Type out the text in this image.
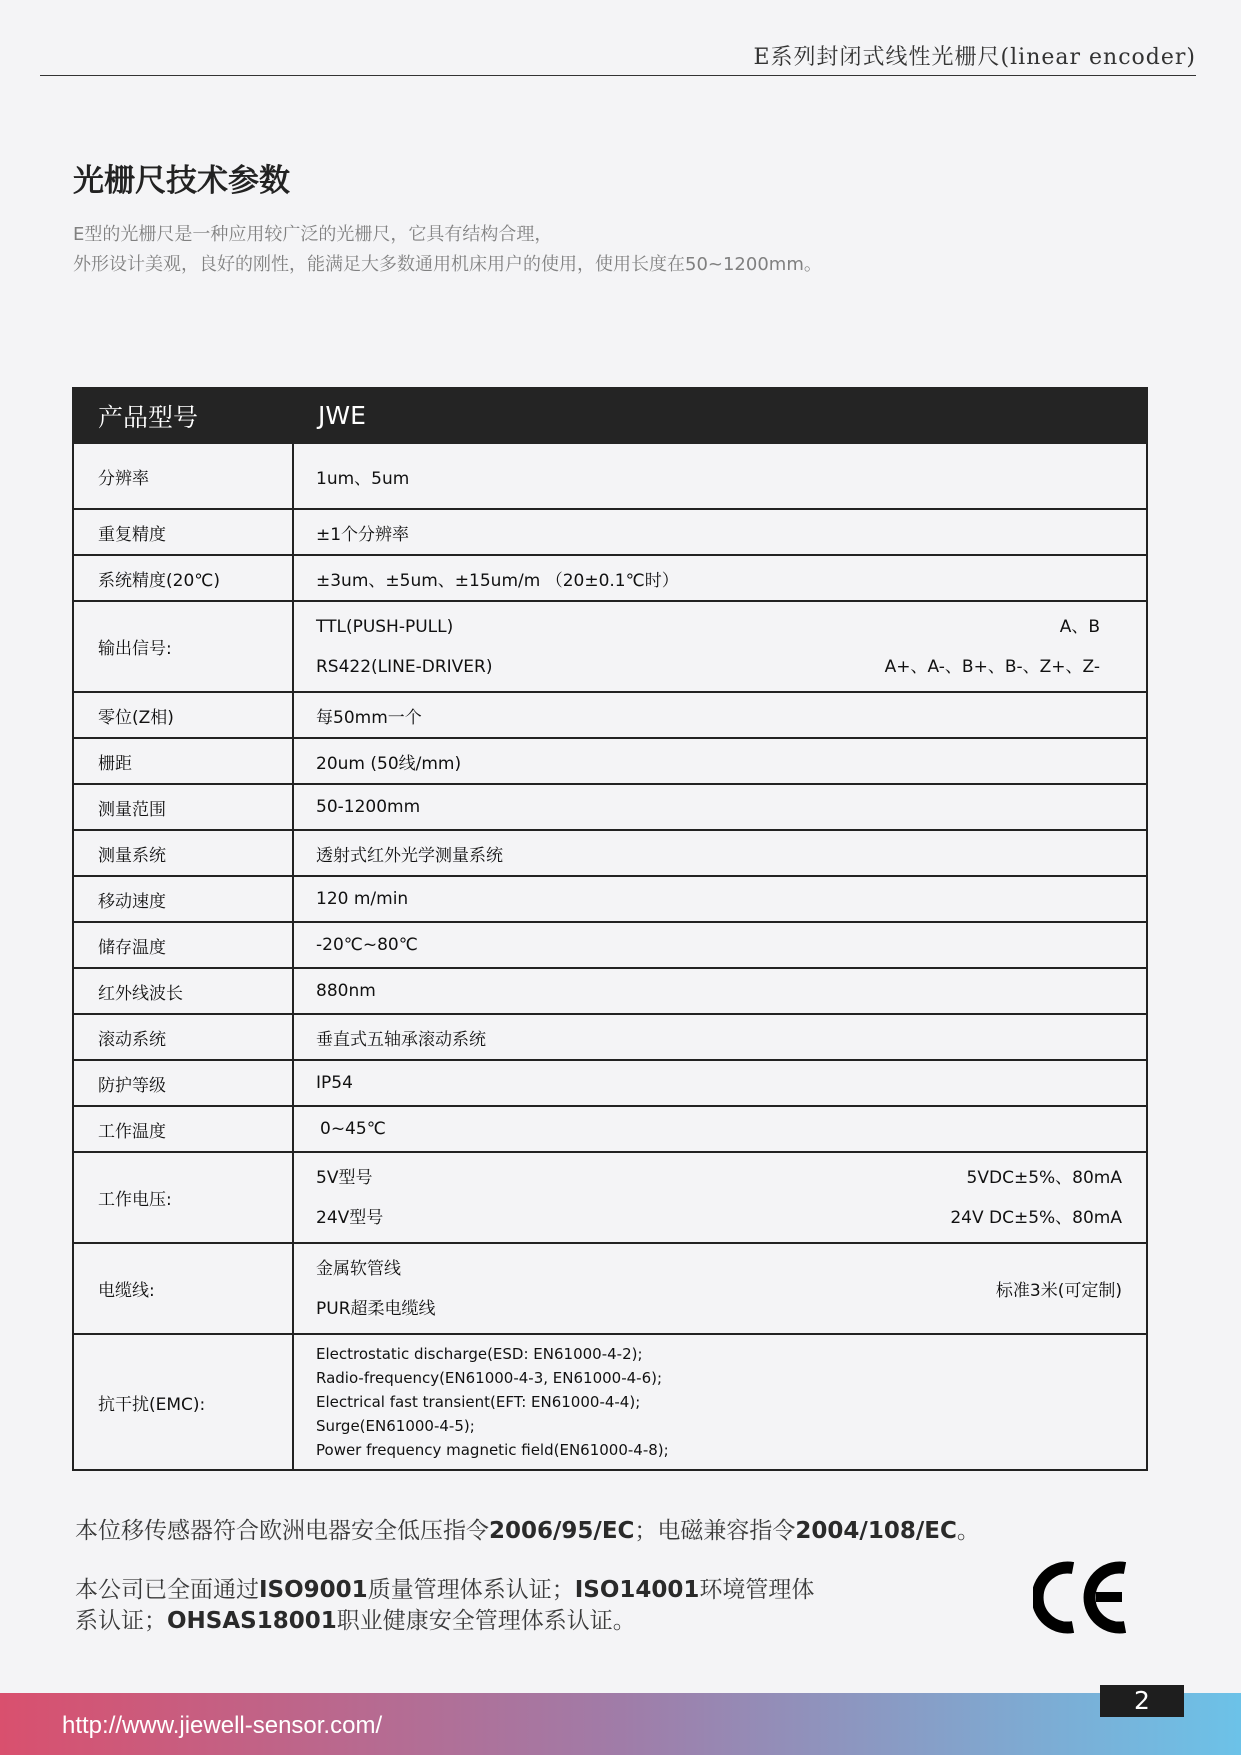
E系列封闭式线性光栅尺(linear encoder)
光栅尺技术参数
E型的光栅尺是一种应用较广泛的光栅尺，它具有结构合理，
外形设计美观，良好的刚性，能满足大多数通用机床用户的使用，使用长度在50~1200mm。
产品型号	JWE
分辨率	1um、5um
重复精度	±1个分辨率
系统精度(20℃)	±3um、±5um、±15um/m （20±0.1℃时）
输出信号:	TTL(PUSH-PULL) A、B
RS422(LINE-DRIVER) A+、A-、B+、B-、Z+、Z-

零位(Z相)	每50mm一个
栅距	20um (50线/mm)
测量范围	50-1200mm
测量系统	透射式红外光学测量系统
移动速度	120 m/min
储存温度	-20℃~80℃
红外线波长	880nm
滚动系统	垂直式五轴承滚动系统
防护等级	IP54
工作温度	0~45℃
工作电压:	5V型号 5VDC±5%、80mA
24V型号 24V DC±5%、80mA

电缆线:	金属软管线
PUR超柔电缆线
标准3米(可定制)

抗干扰(EMC):	Electrostatic discharge(ESD: EN61000-4-2);
Radio-frequency(EN61000-4-3, EN61000-4-6);
Electrical fast transient(EFT: EN61000-4-4);
Surge(EN61000-4-5);
Power frequency magnetic field(EN61000-4-8);
本位移传感器符合欧洲电器安全低压指令2006/95/EC；电磁兼容指令2004/108/EC。
本公司已全面通过ISO9001质量管理体系认证；ISO14001环境管理体
系认证；OHSAS18001职业健康安全管理体系认证。
http://www.jiewell-sensor.com/
2
